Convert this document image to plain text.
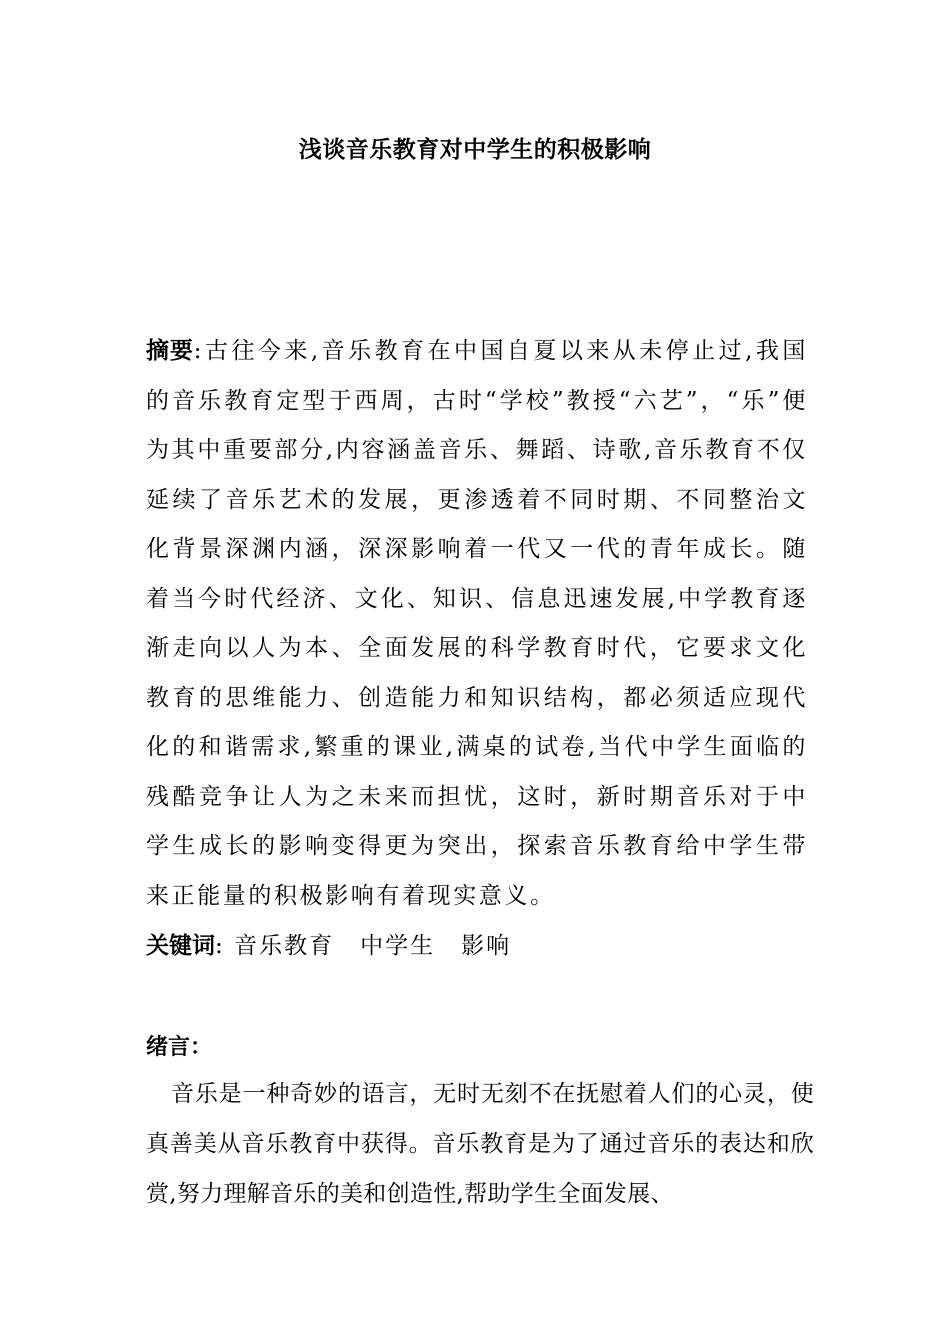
浅谈音乐教育对中学生的积极影响
摘要:古往今来,音乐教育在中国自夏以来从未停止过,我国的音乐教育定型于西周，古时“学校”教授“六艺”，“乐”便为其中重要部分,内容涵盖音乐、舞蹈、诗歌,音乐教育不仅延续了音乐艺术的发展，更渗透着不同时期、不同整治文化背景深渊内涵，深深影响着一代又一代的青年成长。随着当今时代经济、文化、知识、信息迅速发展,中学教育逐渐走向以人为本、全面发展的科学教育时代，它要求文化教育的思维能力、创造能力和知识结构，都必须适应现代化的和谐需求,繁重的课业,满桌的试卷,当代中学生面临的残酷竞争让人为之未来而担忧，这时，新时期音乐对于中学生成长的影响变得更为突出，探索音乐教育给中学生带来正能量的积极影响有着现实意义。
关键词: 音乐教育 中学生 影响
绪言：
音乐是一种奇妙的语言，无时无刻不在抚慰着人们的心灵，使真善美从音乐教育中获得。音乐教育是为了通过音乐的表达和欣赏,努力理解音乐的美和创造性,帮助学生全面发展、
